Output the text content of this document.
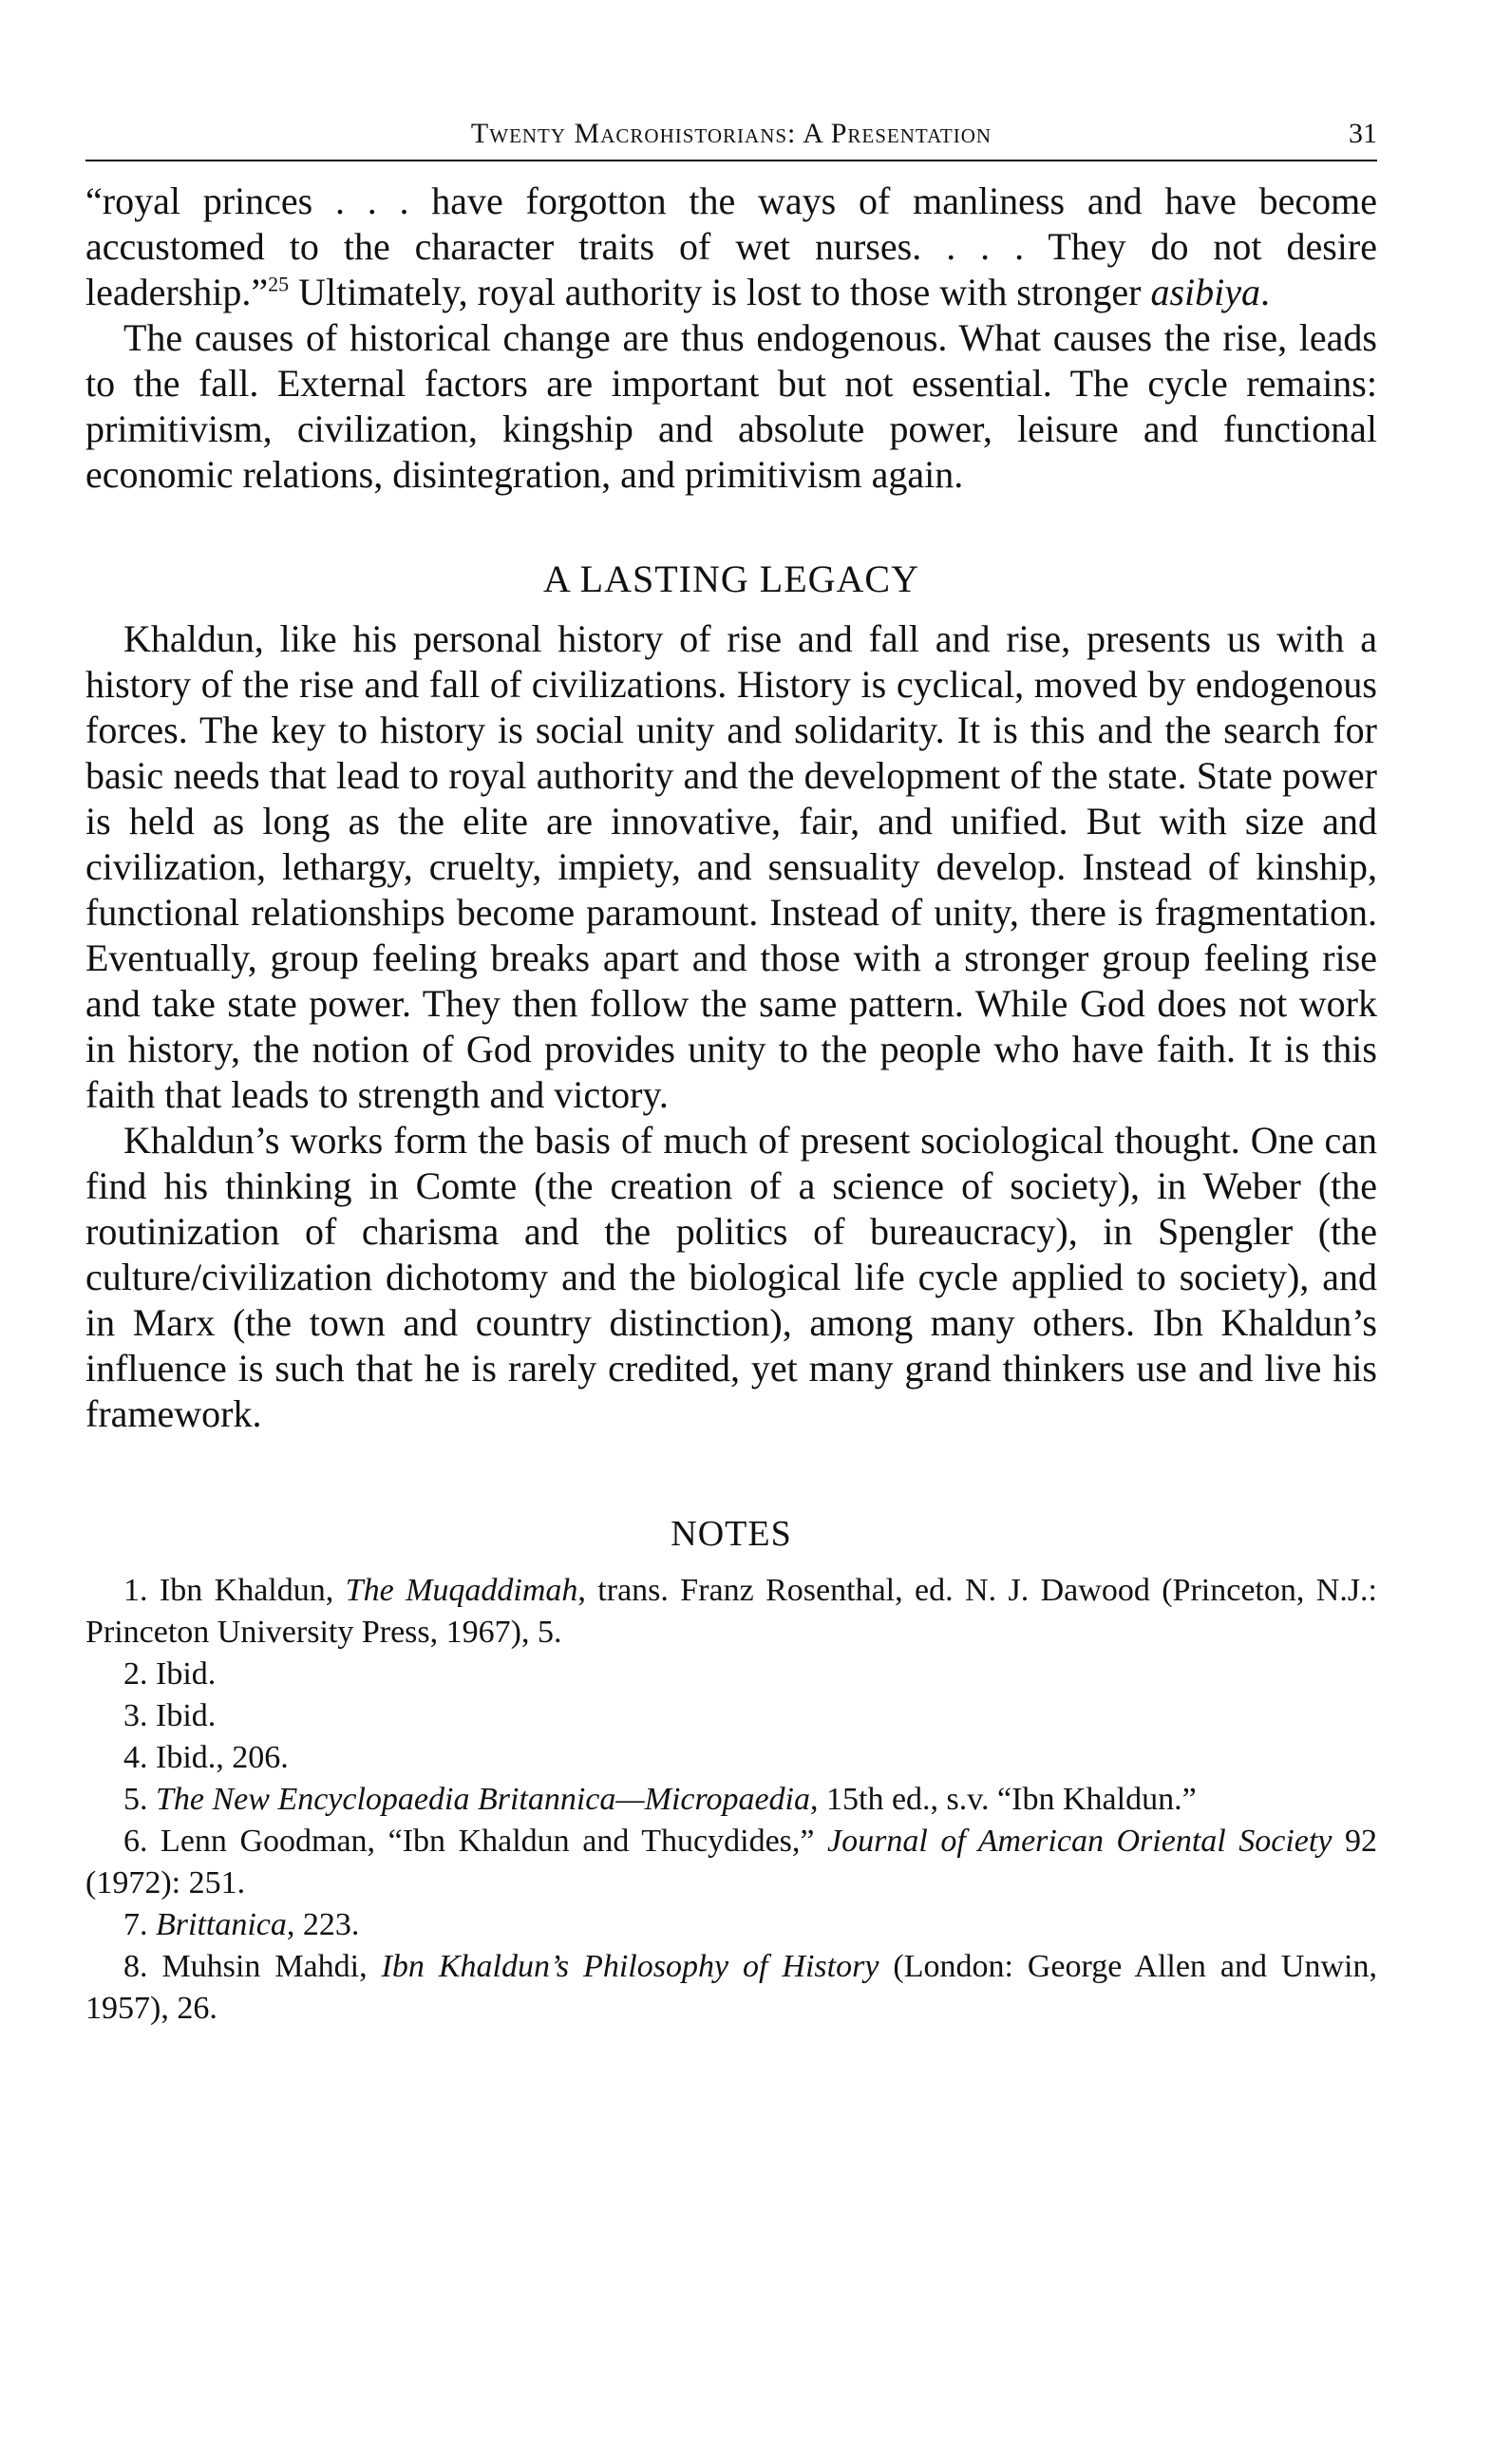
Twenty Macrohistorians: A Presentation	31

“royal princes . . . have forgotton the ways of manliness and have become accustomed to the character traits of wet nurses. . . . They do not desire leadership.”$^{25}$ Ultimately, royal authority is lost to those with stronger asibiya.

The causes of historical change are thus endogenous. What causes the rise, leads to the fall. External factors are important but not essential. The cycle remains: primitivism, civilization, kingship and absolute power, leisure and functional economic relations, disintegration, and primitivism again.

A LASTING LEGACY

Khaldun, like his personal history of rise and fall and rise, presents us with a history of the rise and fall of civilizations. History is cyclical, moved by endogenous forces. The key to history is social unity and solidarity. It is this and the search for basic needs that lead to royal authority and the development of the state. State power is held as long as the elite are innovative, fair, and unified. But with size and civilization, lethargy, cruelty, impiety, and sensuality develop. Instead of kinship, functional relationships become paramount. Instead of unity, there is fragmentation. Eventually, group feeling breaks apart and those with a stronger group feeling rise and take state power. They then follow the same pattern. While God does not work in history, the notion of God provides unity to the people who have faith. It is this faith that leads to strength and victory.

Khaldun’s works form the basis of much of present sociological thought. One can find his thinking in Comte (the creation of a science of society), in Weber (the routinization of charisma and the politics of bureaucracy), in Spengler (the culture/civilization dichotomy and the biological life cycle applied to society), and in Marx (the town and country distinction), among many others. Ibn Khaldun’s influence is such that he is rarely credited, yet many grand thinkers use and live his framework.

NOTES

1. Ibn Khaldun, The Muqaddimah, trans. Franz Rosenthal, ed. N. J. Dawood (Princeton, N.J.: Princeton University Press, 1967), 5.

2. Ibid.

3. Ibid.

4. Ibid., 206.

5. The New Encyclopaedia Britannica—Micropaedia, 15th ed., s.v. “Ibn Khaldun.”

6. Lenn Goodman, “Ibn Khaldun and Thucydides,” Journal of American Oriental Society 92 (1972): 251.

7. Brittanica, 223.

8. Muhsin Mahdi, Ibn Khaldun’s Philosophy of History (London: George Allen and Unwin, 1957), 26.
